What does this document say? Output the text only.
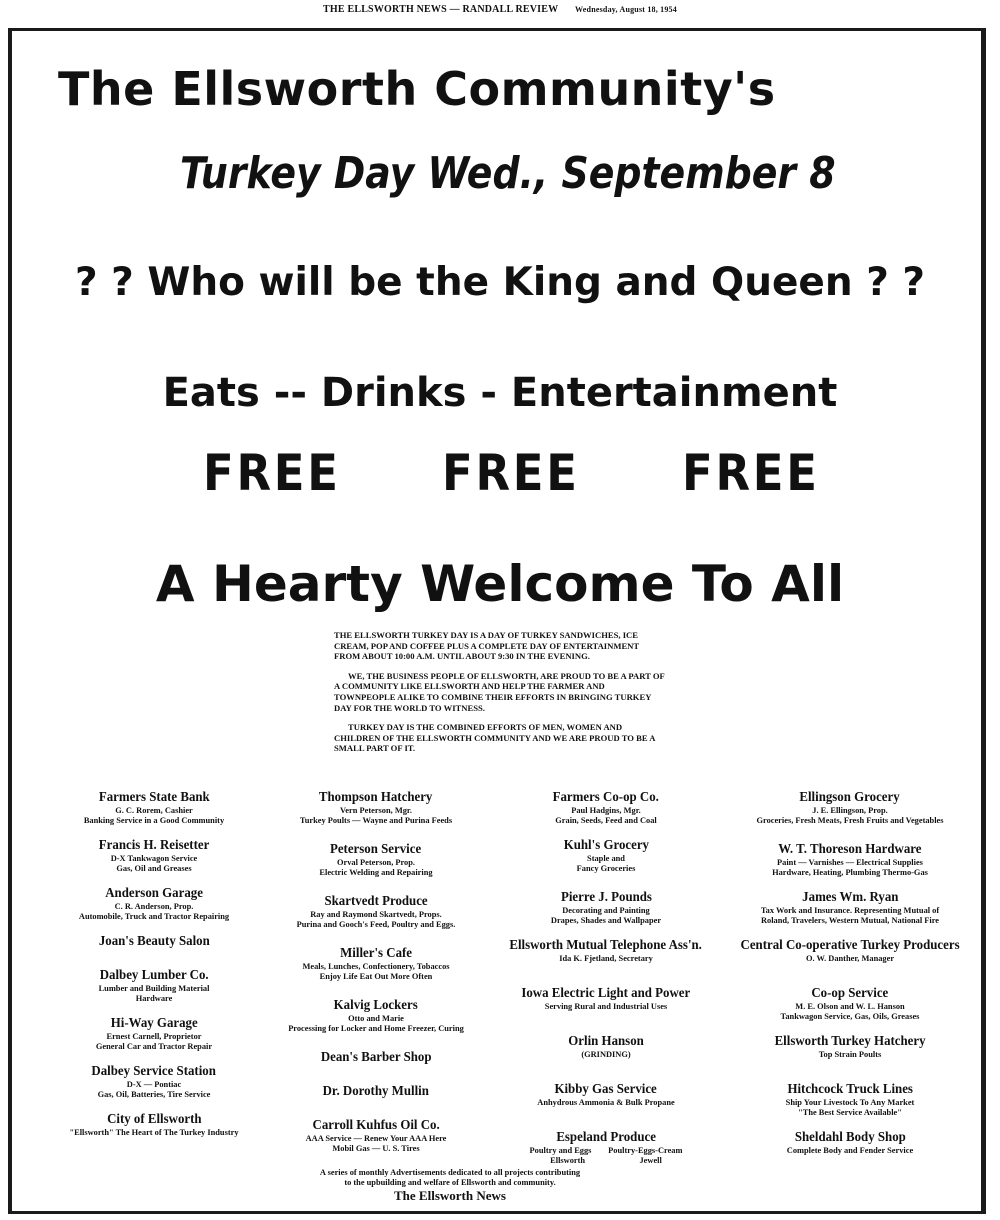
THE ELLSWORTH NEWS — RANDALL REVIEW Wednesday, August 18, 1954
The Ellsworth Community's
Turkey Day Wed., September 8
? ? Who will be the King and Queen ? ?
Eats -- Drinks - Entertainment
FREE FREE FREE
A Hearty Welcome To All

THE ELLSWORTH TURKEY DAY IS A DAY OF TURKEY SANDWICHES, ICE CREAM, POP AND COFFEE PLUS A COMPLETE DAY OF ENTERTAINMENT FROM ABOUT 10:00 A.M. UNTIL ABOUT 9:30 IN THE EVENING.

WE, THE BUSINESS PEOPLE OF ELLSWORTH, ARE PROUD TO BE A PART OF A COMMUNITY LIKE ELLSWORTH AND HELP THE FARMER AND TOWNPEOPLE ALIKE TO COMBINE THEIR EFFORTS IN BRINGING TURKEY DAY FOR THE WORLD TO WITNESS.

TURKEY DAY IS THE COMBINED EFFORTS OF MEN, WOMEN AND CHILDREN OF THE ELLSWORTH COMMUNITY AND WE ARE PROUD TO BE A SMALL PART OF IT.

Farmers State Bank
G. C. Rorem, Cashier
Banking Service in a Good Community
Francis H. Reisetter
D-X Tankwagon Service
Gas, Oil and Greases
Anderson Garage
C. R. Anderson, Prop.
Automobile, Truck and Tractor Repairing
Joan's Beauty Salon
Dalbey Lumber Co.
Lumber and Building Material
Hardware
Hi-Way Garage
Ernest Carnell, Proprietor
General Car and Tractor Repair
Dalbey Service Station
D-X — Pontiac
Gas, Oil, Batteries, Tire Service
City of Ellsworth
"Ellsworth" The Heart of The Turkey Industry
Thompson Hatchery
Vern Peterson, Mgr.
Turkey Poults — Wayne and Purina Feeds
Peterson Service
Orval Peterson, Prop.
Electric Welding and Repairing
Skartvedt Produce
Ray and Raymond Skartvedt, Props.
Purina and Gooch's Feed, Poultry and Eggs.
Miller's Cafe
Meals, Lunches, Confectionery, Tobaccos
Enjoy Life Eat Out More Often
Kalvig Lockers
Otto and Marie
Processing for Locker and Home Freezer, Curing
Dean's Barber Shop
Dr. Dorothy Mullin
Carroll Kuhfus Oil Co.
AAA Service — Renew Your AAA Here
Mobil Gas — U. S. Tires
Farmers Co-op Co.
Paul Hadgins, Mgr.
Grain, Seeds, Feed and Coal
Kuhl's Grocery
Staple and
Fancy Groceries
Pierre J. Pounds
Decorating and Painting
Drapes, Shades and Wallpaper
Ellsworth Mutual Telephone Ass'n.
Ida K. Fjetland, Secretary
Iowa Electric Light and Power
Serving Rural and Industrial Uses
Orlin Hanson
(GRINDING)
Kibby Gas Service
Anhydrous Ammonia & Bulk Propane
Espeland Produce
Poultry and Eggs        Poultry-Eggs-Cream
Ellsworth                          Jewell
Ellingson Grocery
J. E. Ellingson, Prop.
Groceries, Fresh Meats, Fresh Fruits and Vegetables
W. T. Thoreson Hardware
Paint — Varnishes — Electrical Supplies
Hardware, Heating, Plumbing Thermo-Gas
James Wm. Ryan
Tax Work and Insurance. Representing Mutual of
Roland, Travelers, Western Mutual, National Fire
Central Co-operative Turkey Producers
O. W. Danther, Manager
Co-op Service
M. E. Olson and W. L. Hanson
Tankwagon Service, Gas, Oils, Greases
Ellsworth Turkey Hatchery
Top Strain Poults
Hitchcock Truck Lines
Ship Your Livestock To Any Market
"The Best Service Available"
Sheldahl Body Shop
Complete Body and Fender Service
A series of monthly Advertisements dedicated to all projects contributing
to the upbuilding and welfare of Ellsworth and community.
The Ellsworth News
